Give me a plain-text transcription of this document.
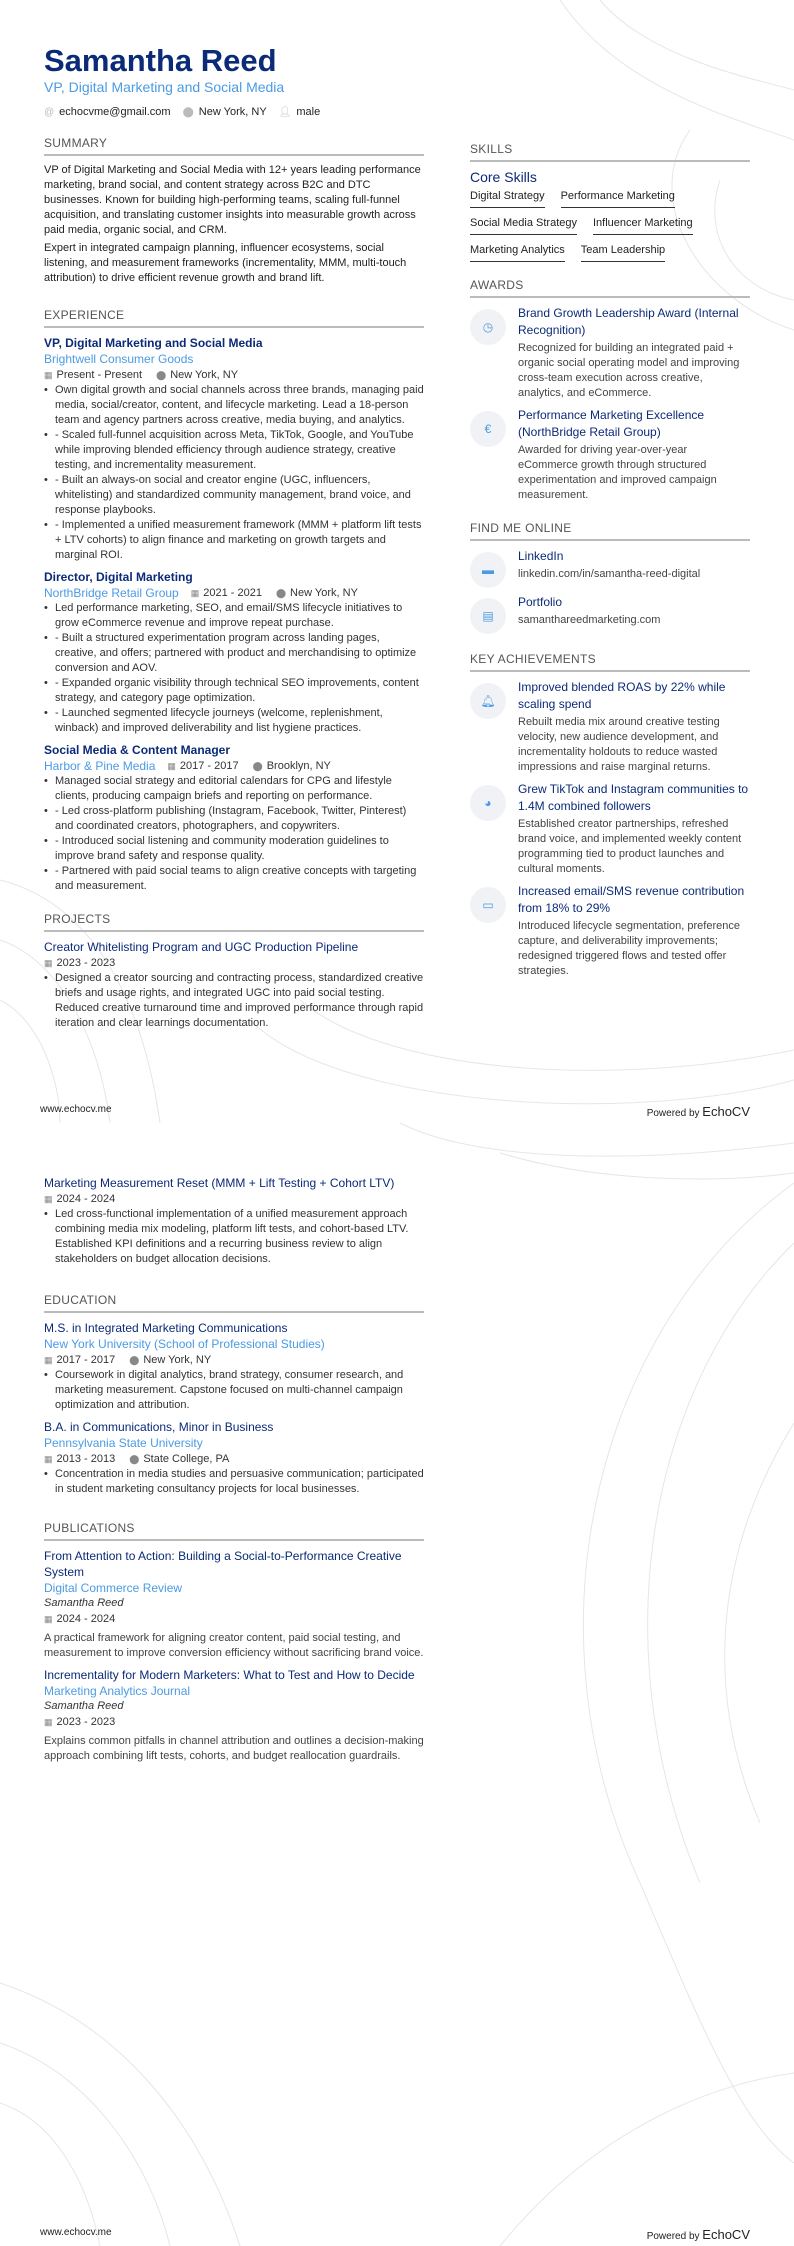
Samantha Reed
VP, Digital Marketing and Social Media
@ echocvme@gmail.com ⬤ New York, NY 👤︎ male
SUMMARY
VP of Digital Marketing and Social Media with 12+ years leading performance marketing, brand social, and content strategy across B2C and DTC businesses. Known for building high-performing teams, scaling full-funnel acquisition, and translating customer insights into measurable growth across paid media, organic social, and CRM.
Expert in integrated campaign planning, influencer ecosystems, social listening, and measurement frameworks (incrementality, MMM, multi-touch attribution) to drive efficient revenue growth and brand lift.
EXPERIENCE
VP, Digital Marketing and Social Media
Brightwell Consumer Goods
▦ Present - Present ⬤ New York, NY
• Own digital growth and social channels across three brands, managing paid media, social/creator, content, and lifecycle marketing. Lead a 18-person team and agency partners across creative, media buying, and analytics.
• - Scaled full-funnel acquisition across Meta, TikTok, Google, and YouTube while improving blended efficiency through audience strategy, creative testing, and incrementality measurement.
• - Built an always-on social and creator engine (UGC, influencers, whitelisting) and standardized community management, brand voice, and response playbooks.
• - Implemented a unified measurement framework (MMM + platform lift tests + LTV cohorts) to align finance and marketing on growth targets and marginal ROI.
Director, Digital Marketing
NorthBridge Retail Group ▦ 2021 - 2021 ⬤ New York, NY
• Led performance marketing, SEO, and email/SMS lifecycle initiatives to grow eCommerce revenue and improve repeat purchase.
• - Built a structured experimentation program across landing pages, creative, and offers; partnered with product and merchandising to optimize conversion and AOV.
• - Expanded organic visibility through technical SEO improvements, content strategy, and category page optimization.
• - Launched segmented lifecycle journeys (welcome, replenishment, winback) and improved deliverability and list hygiene practices.
Social Media & Content Manager
Harbor & Pine Media ▦ 2017 - 2017 ⬤ Brooklyn, NY
• Managed social strategy and editorial calendars for CPG and lifestyle clients, producing campaign briefs and reporting on performance.
• - Led cross-platform publishing (Instagram, Facebook, Twitter, Pinterest) and coordinated creators, photographers, and copywriters.
• - Introduced social listening and community moderation guidelines to improve brand safety and response quality.
• - Partnered with paid social teams to align creative concepts with targeting and measurement.
PROJECTS
Creator Whitelisting Program and UGC Production Pipeline
▦ 2023 - 2023
• Designed a creator sourcing and contracting process, standardized creative briefs and usage rights, and integrated UGC into paid social testing. Reduced creative turnaround time and improved performance through rapid iteration and clear learnings documentation.
SKILLS
Core Skills
Digital Strategy Performance Marketing
Social Media Strategy Influencer Marketing
Marketing Analytics Team Leadership
AWARDS
◷
Brand Growth Leadership Award (Internal Recognition)
Recognized for building an integrated paid + organic social operating model and improving cross-team execution across creative, analytics, and eCommerce.
€
Performance Marketing Excellence (NorthBridge Retail Group)
Awarded for driving year-over-year eCommerce growth through structured experimentation and improved campaign measurement.
FIND ME ONLINE
▬
LinkedIn
linkedin.com/in/samantha-reed-digital
▤
Portfolio
samanthareedmarketing.com
KEY ACHIEVEMENTS
🔔︎
Improved blended ROAS by 22% while scaling spend
Rebuilt media mix around creative testing velocity, new audience development, and incrementality holdouts to reduce wasted impressions and raise marginal returns.
◕
Grew TikTok and Instagram communities to 1.4M combined followers
Established creator partnerships, refreshed brand voice, and implemented weekly content programming tied to product launches and cultural moments.
▭
Increased email/SMS revenue contribution from 18% to 29%
Introduced lifecycle segmentation, preference capture, and deliverability improvements; redesigned triggered flows and tested offer strategies.
www.echocv.me	Powered by EchoCV
Marketing Measurement Reset (MMM + Lift Testing + Cohort LTV)
▦ 2024 - 2024
• Led cross-functional implementation of a unified measurement approach combining media mix modeling, platform lift tests, and cohort-based LTV. Established KPI definitions and a recurring business review to align stakeholders on budget allocation decisions.
EDUCATION
M.S. in Integrated Marketing Communications
New York University (School of Professional Studies)
▦ 2017 - 2017 ⬤ New York, NY
• Coursework in digital analytics, brand strategy, consumer research, and marketing measurement. Capstone focused on multi-channel campaign optimization and attribution.
B.A. in Communications, Minor in Business
Pennsylvania State University
▦ 2013 - 2013 ⬤ State College, PA
• Concentration in media studies and persuasive communication; participated in student marketing consultancy projects for local businesses.
PUBLICATIONS
From Attention to Action: Building a Social-to-Performance Creative System
Digital Commerce Review
Samantha Reed
▦ 2024 - 2024
A practical framework for aligning creator content, paid social testing, and measurement to improve conversion efficiency without sacrificing brand voice.
Incrementality for Modern Marketers: What to Test and How to Decide
Marketing Analytics Journal
Samantha Reed
▦ 2023 - 2023
Explains common pitfalls in channel attribution and outlines a decision-making approach combining lift tests, cohorts, and budget reallocation guardrails.
www.echocv.me	Powered by EchoCV
